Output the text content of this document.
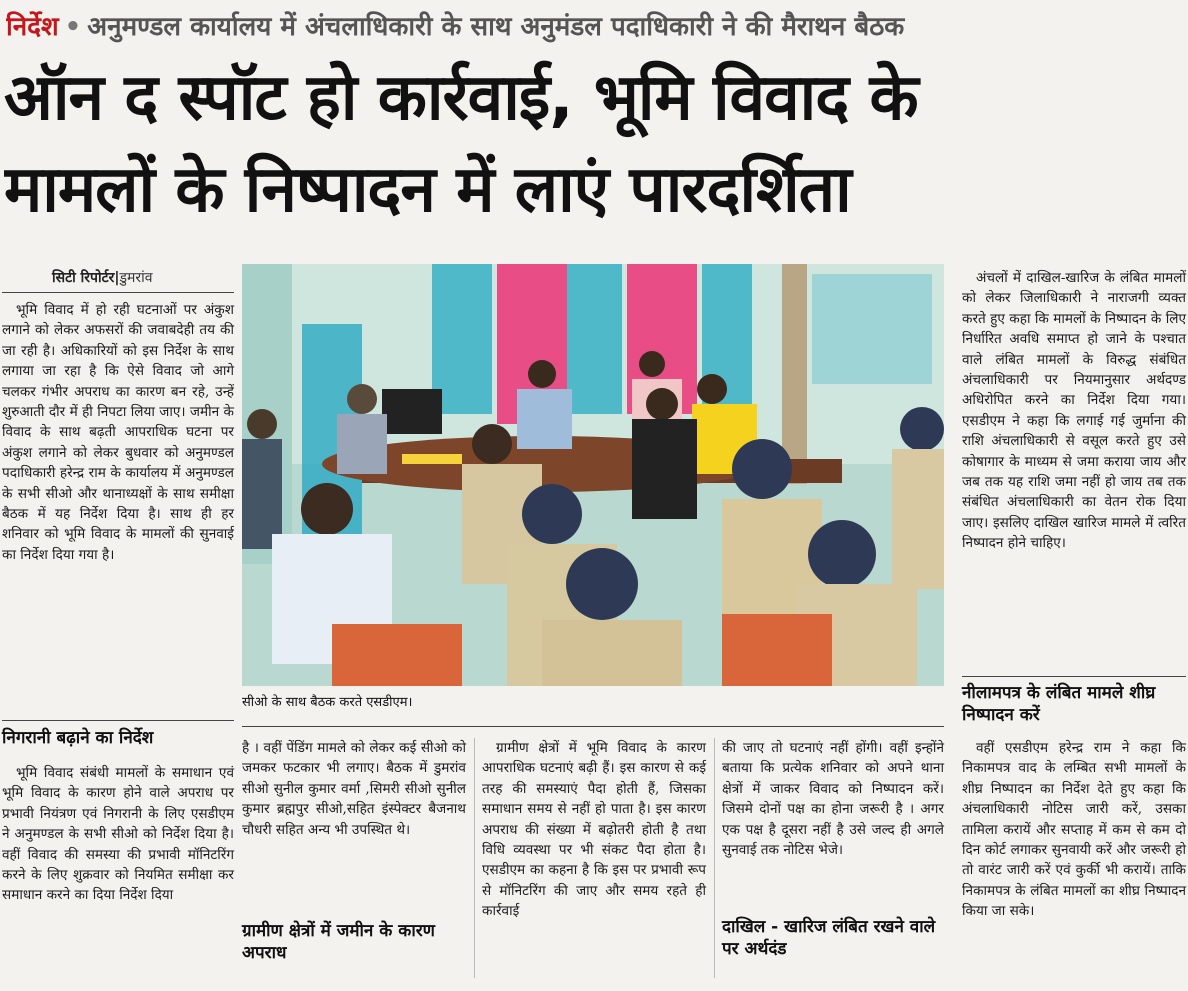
निर्देश • अनुमण्डल कार्यालय में अंचलाधिकारी के साथ अनुमंडल पदाधिकारी ने की मैराथन बैठक
ऑन द स्पॉट हो कार्रवाई, भूमि विवाद के
मामलों के निष्पादन में लाएं पारदर्शिता
सिटी रिपोर्टर|डुमरांव

भूमि विवाद में हो रही घटनाओं पर अंकुश लगाने को लेकर अफसरों की जवाबदेही तय की जा रही है। अधिकारियों को इस निर्देश के साथ लगाया जा रहा है कि ऐसे विवाद जो आगे चलकर गंभीर अपराध का कारण बन रहे, उन्हें शुरुआती दौर में ही निपटा लिया जाए। जमीन के विवाद के साथ बढ़ती आपराधिक घटना पर अंकुश लगाने को लेकर बुधवार को अनुमण्डल पदाधिकारी हरेन्द्र राम के कार्यालय में अनुमण्डल के सभी सीओ और थानाध्यक्षों के साथ समीक्षा बैठक में यह निर्देश दिया है। साथ ही हर शनिवार को भूमि विवाद के मामलों की सुनवाई का निर्देश दिया गया है।

निगरानी बढ़ाने का निर्देश

भूमि विवाद संबंधी मामलों के समाधान एवं भूमि विवाद के कारण होने वाले अपराध पर प्रभावी नियंत्रण एवं निगरानी के लिए एसडीएम ने अनुमण्डल के सभी सीओ को निर्देश दिया है। वहीं विवाद की समस्या की प्रभावी मॉनिटरिंग करने के लिए शुक्रवार को नियमित समीक्षा कर समाधान करने का दिया निर्देश दिया

सीओ के साथ बैठक करते एसडीएम।

है । वहीं पेंडिंग मामले को लेकर कई सीओ को जमकर फटकार भी लगाए। बैठक में डुमरांव सीओ सुनील कुमार वर्मा ,सिमरी सीओ सुनील कुमार ब्रह्मपुर सीओ,सहित इंस्पेक्टर बैजनाथ चौधरी सहित अन्य भी उपस्थित थे।

ग्रामीण क्षेत्रों में जमीन के कारण अपराध

ग्रामीण क्षेत्रों में भूमि विवाद के कारण आपराधिक घटनाएं बढ़ी हैं। इस कारण से कई तरह की समस्याएं पैदा होती हैं, जिसका समाधान समय से नहीं हो पाता है। इस कारण अपराध की संख्या में बढ़ोतरी होती है तथा विधि व्यवस्था पर भी संकट पैदा होता है। एसडीएम का कहना है कि इस पर प्रभावी रूप से मॉनिटरिंग की जाए और समय रहते ही कार्रवाई

की जाए तो घटनाएं नहीं होंगी। वहीं इन्होंने बताया कि प्रत्येक शनिवार को अपने थाना क्षेत्रों में जाकर विवाद को निष्पादन करें। जिसमे दोनों पक्ष का होना जरूरी है । अगर एक पक्ष है दूसरा नहीं है उसे जल्द ही अगले सुनवाई तक नोटिस भेजे।

दाखिल - खारिज लंबित रखने वाले पर अर्थदंड

अंचलों में दाखिल-खारिज के लंबित मामलों को लेकर जिलाधिकारी ने नाराजगी व्यक्त करते हुए कहा कि मामलों के निष्पादन के लिए निर्धारित अवधि समाप्त हो जाने के पश्चात वाले लंबित मामलों के विरुद्ध संबंधित अंचलाधिकारी पर नियमानुसार अर्थदण्ड अधिरोपित करने का निर्देश दिया गया। एसडीएम ने कहा कि लगाई गई जुर्माना की राशि अंचलाधिकारी से वसूल करते हुए उसे कोषागार के माध्यम से जमा कराया जाय और जब तक यह राशि जमा नहीं हो जाय तब तक संबंधित अंचलाधिकारी का वेतन रोक दिया जाए। इसलिए दाखिल खारिज मामले में त्वरित निष्पादन होने चाहिए।

नीलामपत्र के लंबित मामले शीघ्र निष्पादन करें

वहीं एसडीएम हरेन्द्र राम ने कहा कि निकामपत्र वाद के लम्बित सभी मामलों के शीघ्र निष्पादन का निर्देश देते हुए कहा कि अंचलाधिकारी नोटिस जारी करें, उसका तामिला करायें और सप्ताह में कम से कम दो दिन कोर्ट लगाकर सुनवायी करें और जरूरी हो तो वारंट जारी करें एवं कुर्की भी करायें। ताकि निकामपत्र के लंबित मामलों का शीघ्र निष्पादन किया जा सके।
